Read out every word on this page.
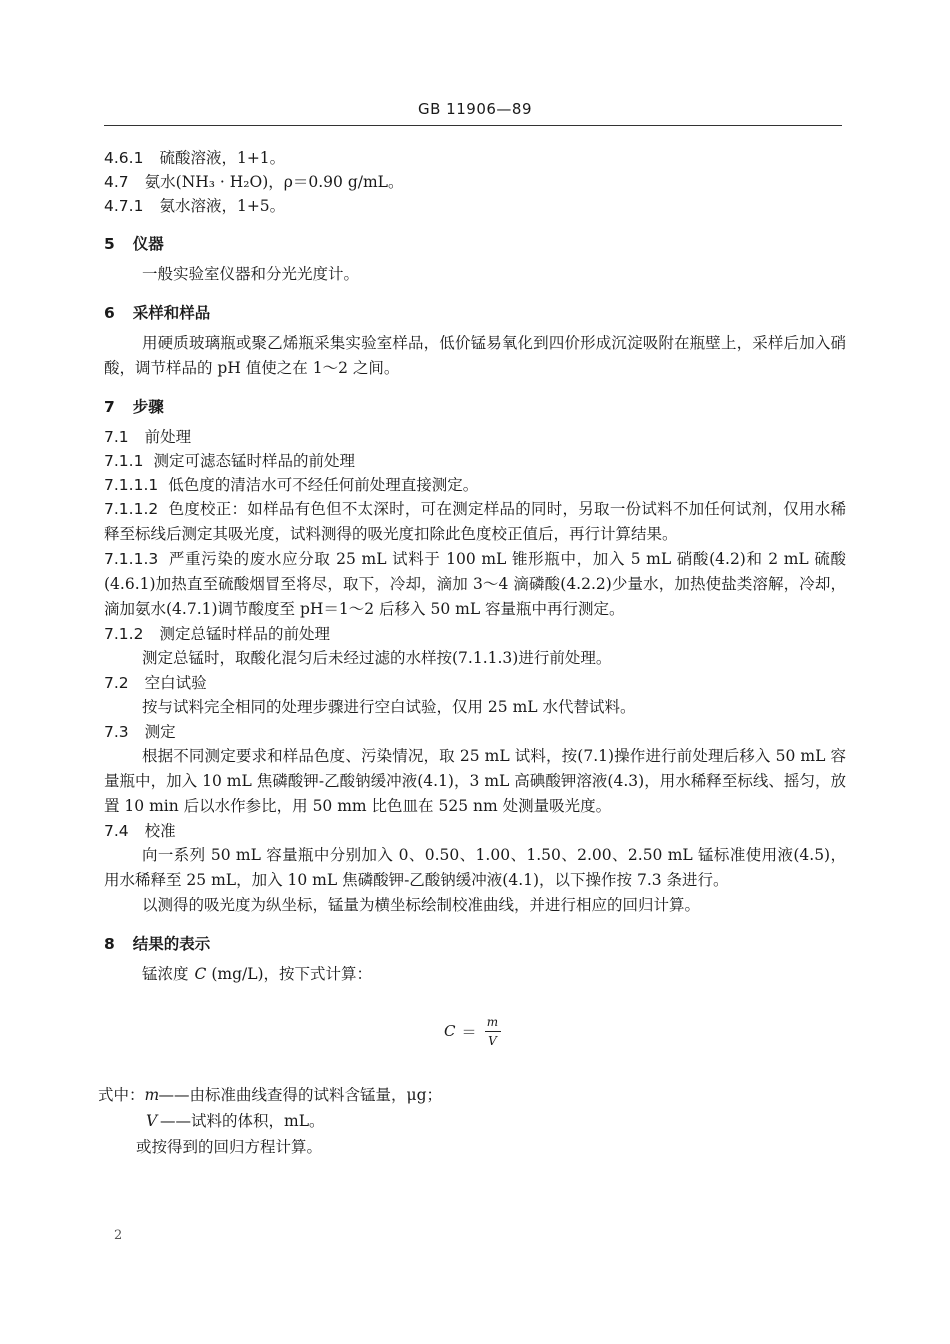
GB 11906—89
4.6.1 硫酸溶液，1+1。
4.7 氨水(NH₃ · H₂O)，ρ＝0.90 g/mL。
4.7.1 氨水溶液，1+5。
5 仪器

一般实验室仪器和分光光度计。

6 采样和样品

用硬质玻璃瓶或聚乙烯瓶采集实验室样品，低价锰易氧化到四价形成沉淀吸附在瓶壁上，采样后加入硝酸，调节样品的 pH 值使之在 1～2 之间。

7 步骤
7.1 前处理
7.1.1 测定可滤态锰时样品的前处理
7.1.1.1 低色度的清洁水可不经任何前处理直接测定。

7.1.1.2 色度校正：如样品有色但不太深时，可在测定样品的同时，另取一份试料不加任何试剂，仅用水稀释至标线后测定其吸光度，试料测得的吸光度扣除此色度校正值后，再行计算结果。

7.1.1.3 严重污染的废水应分取 25 mL 试料于 100 mL 锥形瓶中，加入 5 mL 硝酸(4.2)和 2 mL 硫酸(4.6.1)加热直至硫酸烟冒至将尽，取下，冷却，滴加 3～4 滴磷酸(4.2.2)少量水，加热使盐类溶解，冷却，滴加氨水(4.7.1)调节酸度至 pH＝1～2 后移入 50 mL 容量瓶中再行测定。

7.1.2 测定总锰时样品的前处理

测定总锰时，取酸化混匀后未经过滤的水样按(7.1.1.3)进行前处理。

7.2 空白试验

按与试料完全相同的处理步骤进行空白试验，仅用 25 mL 水代替试料。

7.3 测定

根据不同测定要求和样品色度、污染情况，取 25 mL 试料，按(7.1)操作进行前处理后移入 50 mL 容量瓶中，加入 10 mL 焦磷酸钾-乙酸钠缓冲液(4.1)，3 mL 高碘酸钾溶液(4.3)，用水稀释至标线、摇匀，放置 10 min 后以水作参比，用 50 mm 比色皿在 525 nm 处测量吸光度。

7.4 校准

向一系列 50 mL 容量瓶中分别加入 0、0.50、1.00、1.50、2.00、2.50 mL 锰标准使用液(4.5)，用水稀释至 25 mL，加入 10 mL 焦磷酸钾-乙酸钠缓冲液(4.1)，以下操作按 7.3 条进行。

以测得的吸光度为纵坐标，锰量为横坐标绘制校准曲线，并进行相应的回归计算。

8 结果的表示
锰浓度 C (mg/L)，按下式计算：
$C = \frac{m}{V}$
式中：m——由标准曲线查得的试料含锰量，μg；
V ——试料的体积，mL。
或按得到的回归方程计算。
2
